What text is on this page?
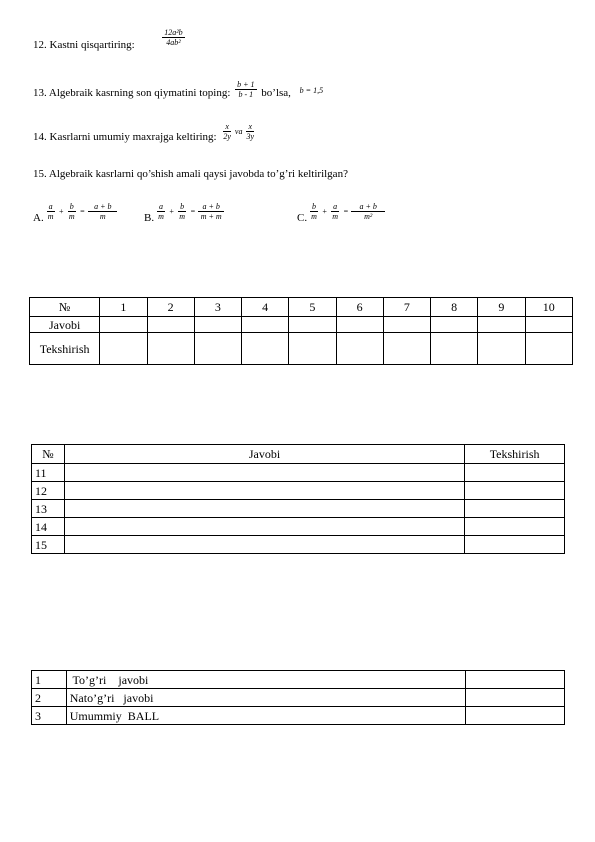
12. Kastni qisqartiring:	$\frac{\text{12a²b}}{\text{4ab²}}$
13. Algebraik kasrning son qiymatini toping: $\frac{b + 1}{b - 1}$ bo’lsa, $^{b = 1,5}$
14. Kasrlarni umumiy maxrajga keltiring: $\frac{x}{2y} ^{va} \frac{x}{3y}$
15. Algebraik kasrlarni qo’shish amali qaysi javobda to’g’ri keltirilgan?
A. $\frac{a}{m} + \frac{b}{m} = \frac{a + b}{m} B$. $\frac{a}{m} + \frac{b}{m} = \frac{a + b}{m + m}$	C. $\frac{b}{m} + \frac{a}{m} = \frac{a + b}{\text{m²}}$
№	1	2	3	4	5	6	7	8	9	10
Javobi										
Tekshirish										
№	Javobi	Tekshirish
11		
12		
13		
14		
15		
1	To’g’ri    javobi	
2	Nato’g’ri   javobi	
3	Umummiy  BALL	
